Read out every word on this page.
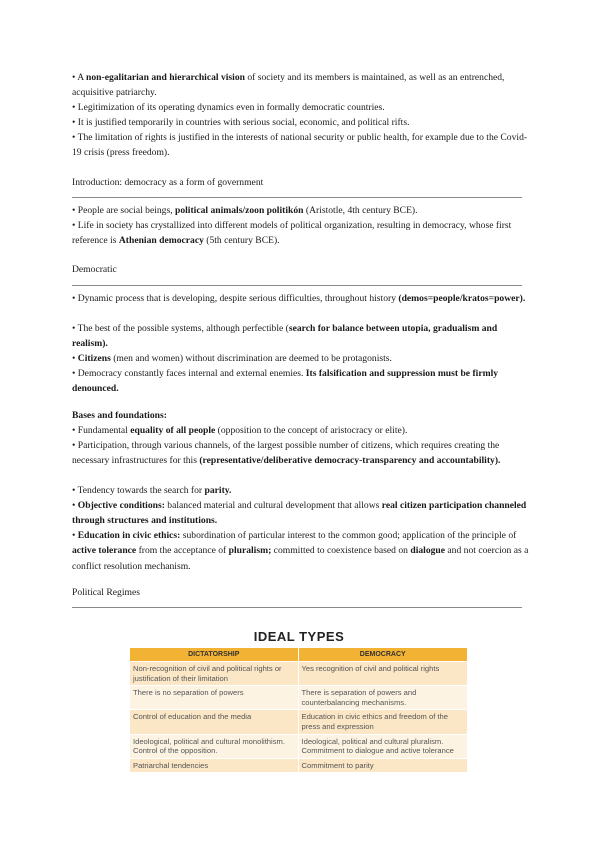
• A non-egalitarian and hierarchical vision of society and its members is maintained, as well as an entrenched, acquisitive patriarchy.

• Legitimization of its operating dynamics even in formally democratic countries.

• It is justified temporarily in countries with serious social, economic, and political rifts.

• The limitation of rights is justified in the interests of national security or public health, for example due to the Covid-19 crisis (press freedom).

Introduction: democracy as a form of government

• People are social beings, political animals/zoon politikón (Aristotle, 4th century BCE).

• Life in society has crystallized into different models of political organization, resulting in democracy, whose first reference is Athenian democracy (5th century BCE).

Democratic

• Dynamic process that is developing, despite serious difficulties, throughout history (demos=people/kratos=power).

• The best of the possible systems, although perfectible (search for balance between utopia, gradualism and realism).

• Citizens (men and women) without discrimination are deemed to be protagonists.

• Democracy constantly faces internal and external enemies. Its falsification and suppression must be firmly denounced.

Bases and foundations:

• Fundamental equality of all people (opposition to the concept of aristocracy or elite).

• Participation, through various channels, of the largest possible number of citizens, which requires creating the necessary infrastructures for this (representative/deliberative democracy-transparency and accountability).

• Tendency towards the search for parity.

• Objective conditions: balanced material and cultural development that allows real citizen participation channeled through structures and institutions.

• Education in civic ethics: subordination of particular interest to the common good; application of the principle of active tolerance from the acceptance of pluralism; committed to coexistence based on dialogue and not coercion as a conflict resolution mechanism.

Political Regimes

IDEAL TYPES
DICTATORSHIP	DEMOCRACY
Non-recognition of civil and political rights or justification of their limitation	Yes recognition of civil and political rights
There is no separation of powers	There is separation of powers and counterbalancing mechanisms.
Control of education and the media	Education in civic ethics and freedom of the press and expression
Ideological, political and cultural monolithism. Control of the opposition.	Ideological, political and cultural pluralism. Commitment to dialogue and active tolerance
Patriarchal tendencies	Commitment to parity
